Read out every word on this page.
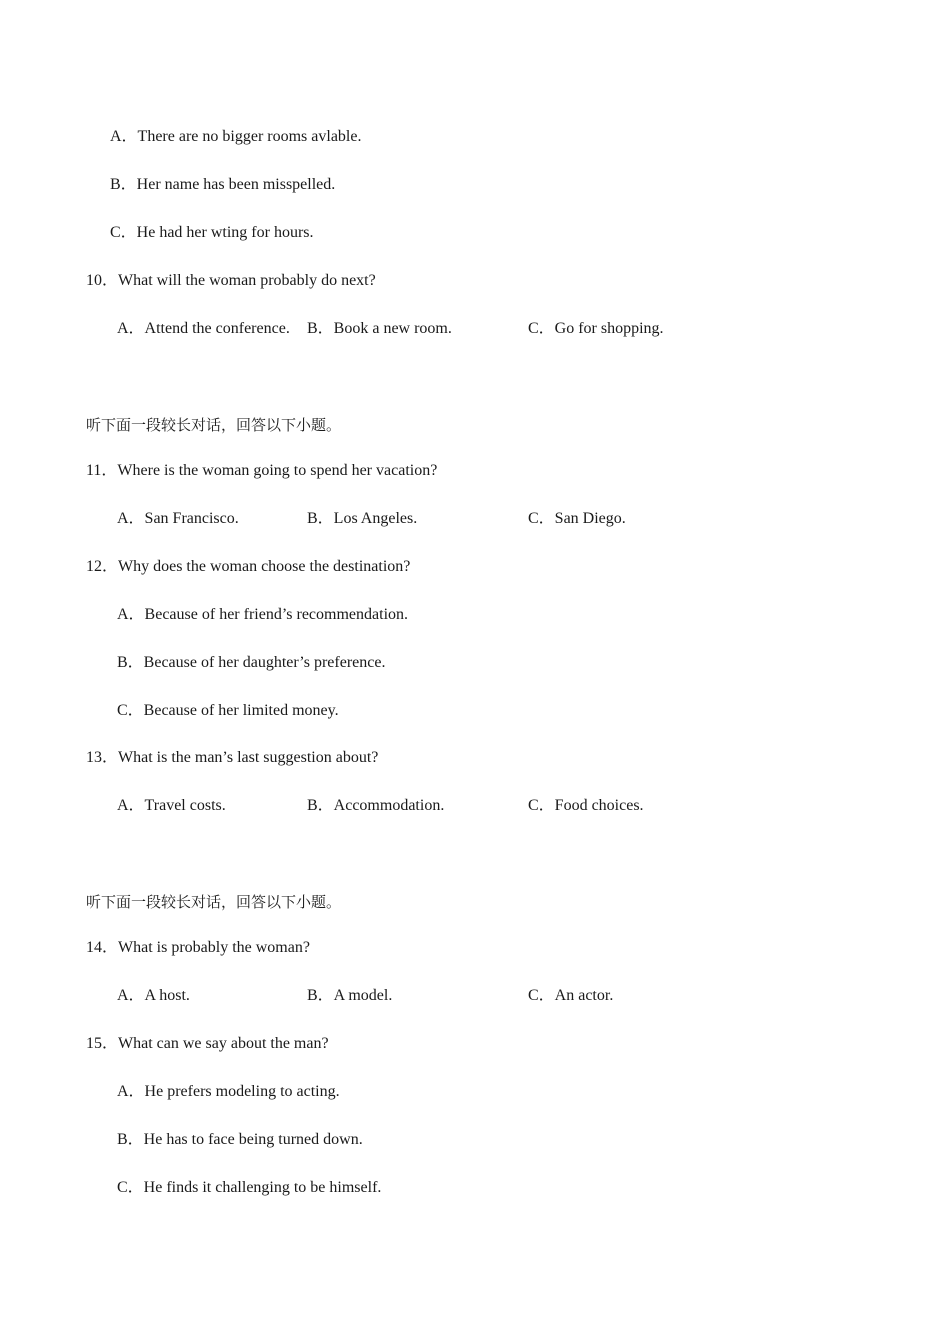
A．There are no bigger rooms avlable.
B．Her name has been misspelled.
C．He had her wting for hours.
10．What will the woman probably do next?
A．Attend the conference. B．Book a new room.	C．Go for shopping.
听下面一段较长对话，回答以下小题。
11．Where is the woman going to spend her vacation?
A．San Francisco.	B．Los Angeles.	C．San Diego.
12．Why does the woman choose the destination?
A．Because of her friend’s recommendation.
B．Because of her daughter’s preference.
C．Because of her limited money.
13．What is the man’s last suggestion about?
A．Travel costs.	B．Accommodation.	C．Food choices.
听下面一段较长对话，回答以下小题。
14．What is probably the woman?
A．A host.	B．A model.	C．An actor.
15．What can we say about the man?
A．He prefers modeling to acting.
B．He has to face being turned down.
C．He finds it challenging to be himself.
